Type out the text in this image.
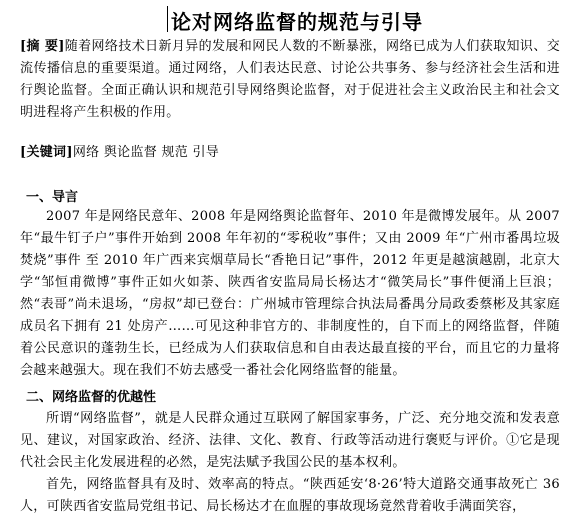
论对网络监督的规范与引导

[摘 要]随着网络技术日新月异的发展和网民人数的不断暴涨，网络已成为人们获取知识、交流传播信息的重要渠道。通过网络，人们表达民意、讨论公共事务、参与经济社会生活和进行舆论监督。全面正确认识和规范引导网络舆论监督，对于促进社会主义政治民主和社会文明进程将产生积极的作用。

[关键词]网络 舆论监督 规范 引导

一、导言

2007 年是网络民意年、2008 年是网络舆论监督年、2010 年是微博发展年。从 2007 年“最牛钉子户”事件开始到 2008 年年初的“零税收”事件；又由 2009 年“广州市番禺垃圾焚烧”事件 至 2010 年广西来宾烟草局长“香艳日记”事件，2012 年更是越演越剧，北京大学“邹恒甫微博”事件正如火如荼、陕西省安监局局长杨达才“微笑局长”事件便涌上巨浪；然“表哥”尚未退场，“房叔”却已登台：广州城市管理综合执法局番禺分局政委蔡彬及其家庭成员名下拥有 21 处房产……可见这种非官方的、非制度性的，自下而上的网络监督，伴随着公民意识的蓬勃生长，已经成为人们获取信息和自由表达最直接的平台，而且它的力量将会越来越强大。现在我们不妨去感受一番社会化网络监督的能量。

二、网络监督的优越性

所谓“网络监督”，就是人民群众通过互联网了解国家事务，广泛、充分地交流和发表意见、建议，对国家政治、经济、法律、文化、教育、行政等活动进行褒贬与评价。①它是现代社会民主化发展进程的必然，是宪法赋予我国公民的基本权利。

首先，网络监督具有及时、效率高的特点。“陕西延安‘8·26’特大道路交通事故死亡 36 人，可陕西省安监局党组书记、局长杨达才在血腥的事故现场竟然背着收手满面笑容，
